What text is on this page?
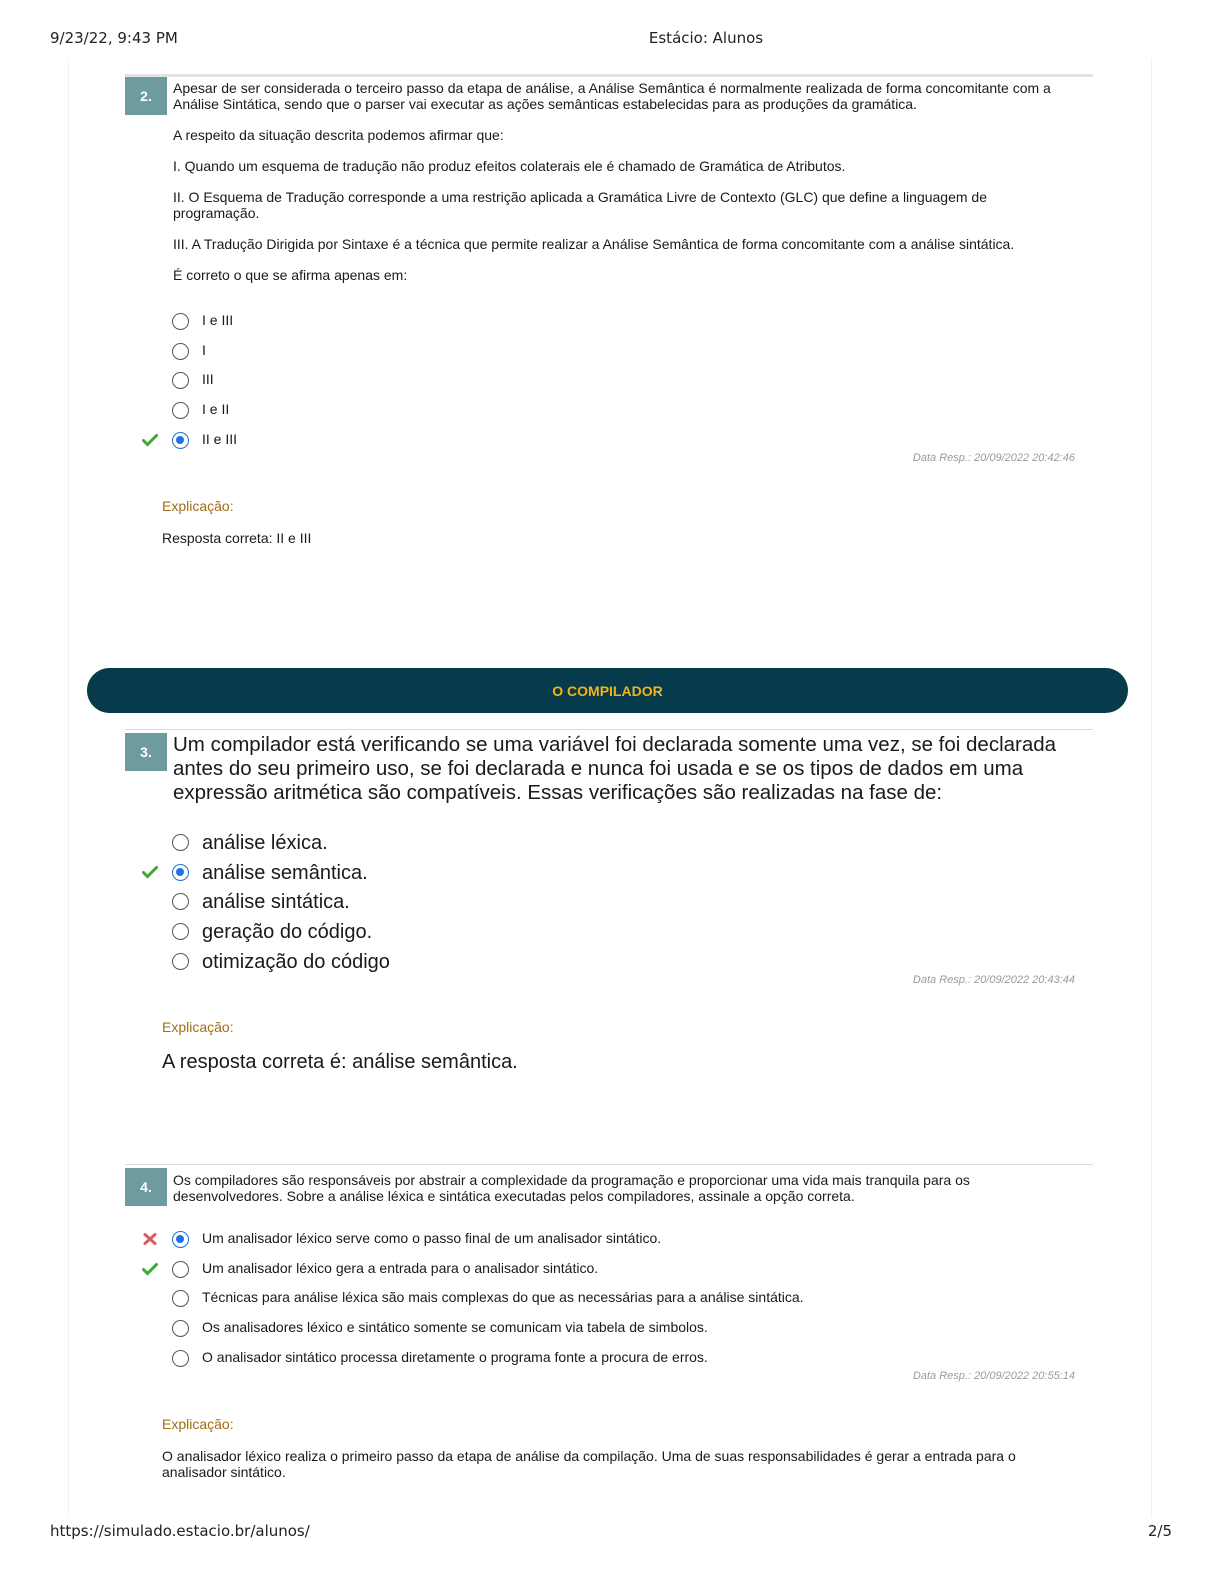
9/23/22, 9:43 PM	Estácio: Alunos
2.	Apesar de ser considerada o terceiro passo da etapa de análise, a Análise Semântica é normalmente realizada de forma concomitante com a Análise Sintática, sendo que o parser vai executar as ações semânticas estabelecidas para as produções da gramática.

A respeito da situação descrita podemos afirmar que:

I. Quando um esquema de tradução não produz efeitos colaterais ele é chamado de Gramática de Atributos.

II. O Esquema de Tradução corresponde a uma restrição aplicada a Gramática Livre de Contexto (GLC) que define a linguagem de programação.

III. A Tradução Dirigida por Sintaxe é a técnica que permite realizar a Análise Semântica de forma concomitante com a análise sintática.

É correto o que se afirma apenas em:

I e III
I
III
I e II
II e III
Data Resp.: 20/09/2022 20:42:46
Explicação:
Resposta correta: II e III
O COMPILADOR
3.	Um compilador está verificando se uma variável foi declarada somente uma vez, se foi declarada antes do seu primeiro uso, se foi declarada e nunca foi usada e se os tipos de dados em uma expressão aritmética são compatíveis. Essas verificações são realizadas na fase de:
análise léxica.
análise semântica.
análise sintática.
geração do código.
otimização do código
Data Resp.: 20/09/2022 20:43:44
Explicação:
A resposta correta é: análise semântica.
4.	Os compiladores são responsáveis por abstrair a complexidade da programação e proporcionar uma vida mais tranquila para os desenvolvedores. Sobre a análise léxica e sintática executadas pelos compiladores, assinale a opção correta.
Um analisador léxico serve como o passo final de um analisador sintático.
Um analisador léxico gera a entrada para o analisador sintático.
Técnicas para análise léxica são mais complexas do que as necessárias para a análise sintática.
Os analisadores léxico e sintático somente se comunicam via tabela de simbolos.
O analisador sintático processa diretamente o programa fonte a procura de erros.
Data Resp.: 20/09/2022 20:55:14
Explicação:
O analisador léxico realiza o primeiro passo da etapa de análise da compilação. Uma de suas responsabilidades é gerar a entrada para o analisador sintático.
https://simulado.estacio.br/alunos/	2/5
